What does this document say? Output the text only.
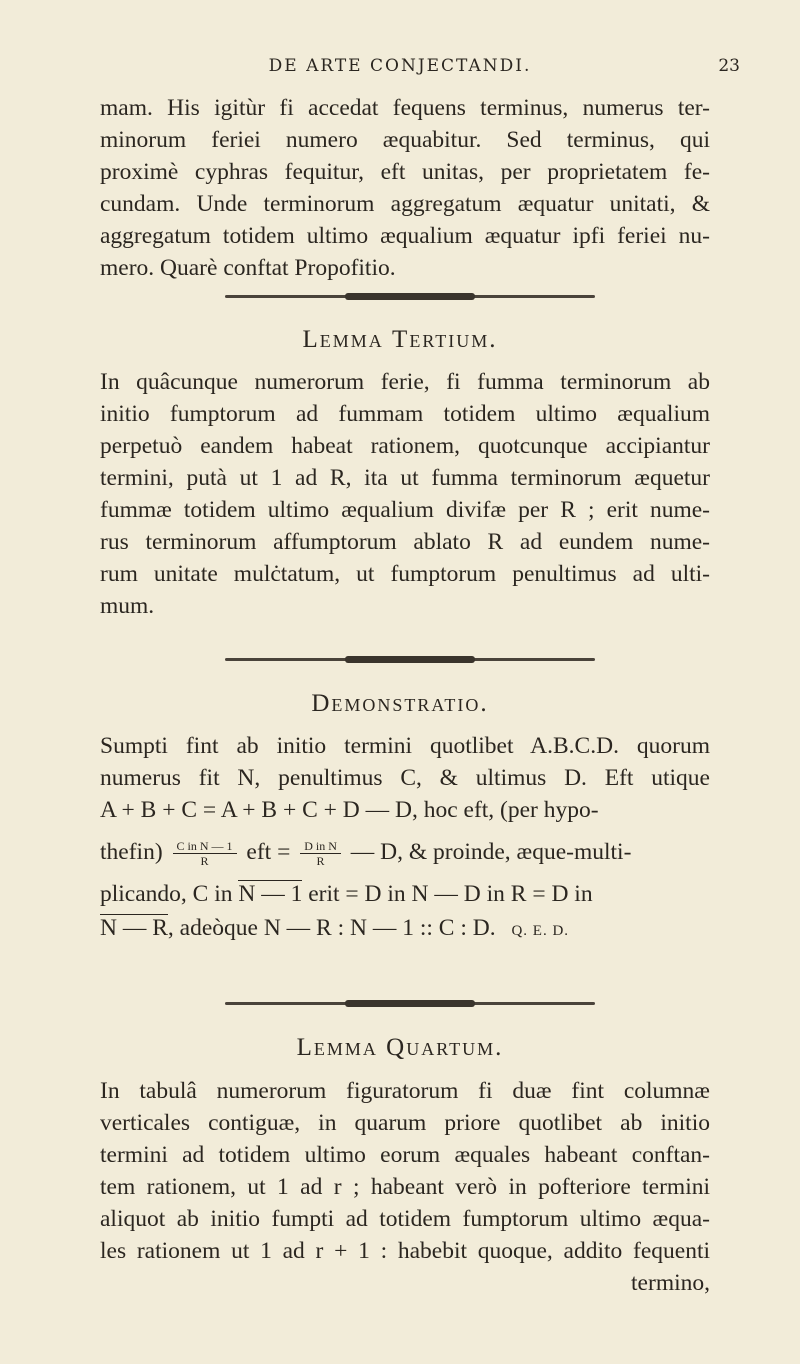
DE ARTE CONJECTANDI.	23
mam. His igitùr fi accedat fequens terminus, numerus ter-
minorum feriei numero æquabitur. Sed terminus, qui
proximè cyphras fequitur, eft unitas, per proprietatem fe-
cundam. Unde terminorum aggregatum æquatur unitati, &
aggregatum totidem ultimo æqualium æquatur ipfi feriei nu-
mero. Quarè conftat Propofitio.
Lemma Tertium.
In quâcunque numerorum ferie, fi fumma terminorum ab
initio fumptorum ad fummam totidem ultimo æqualium
perpetuò eandem habeat rationem, quotcunque accipiantur
termini, putà ut 1 ad R, ita ut fumma terminorum æquetur
fummæ totidem ultimo æqualium divifæ per R ; erit nume-
rus terminorum affumptorum ablato R ad eundem nume-
rum unitate mulċtatum, ut fumptorum penultimus ad ulti-
mum.
Demonstratio.
Sumpti fint ab initio termini quotlibet A.B.C.D. quorum
numerus fit N, penultimus C, & ultimus D. Eft utique
A + B + C = A + B + C + D — D, hoc eft, (per hypo-
thefin) $\frac{\text{C in N — 1}}{R}$ eft = $\frac{\text{D in N}}{R}$ — D, & proinde, æque-multi-
plicando, C in N — 1 erit = D in N — D in R = D in
N — R, adeòque N — R : N — 1 :: C : D. Q. E. D.
Lemma Quartum.
In tabulâ numerorum figuratorum fi duæ fint columnæ
verticales contiguæ, in quarum priore quotlibet ab initio
termini ad totidem ultimo eorum æquales habeant conftan-
tem rationem, ut 1 ad r ; habeant verò in pofteriore termini
aliquot ab initio fumpti ad totidem fumptorum ultimo æqua-
les rationem ut 1 ad r + 1 : habebit quoque, addito fequenti
termino,
